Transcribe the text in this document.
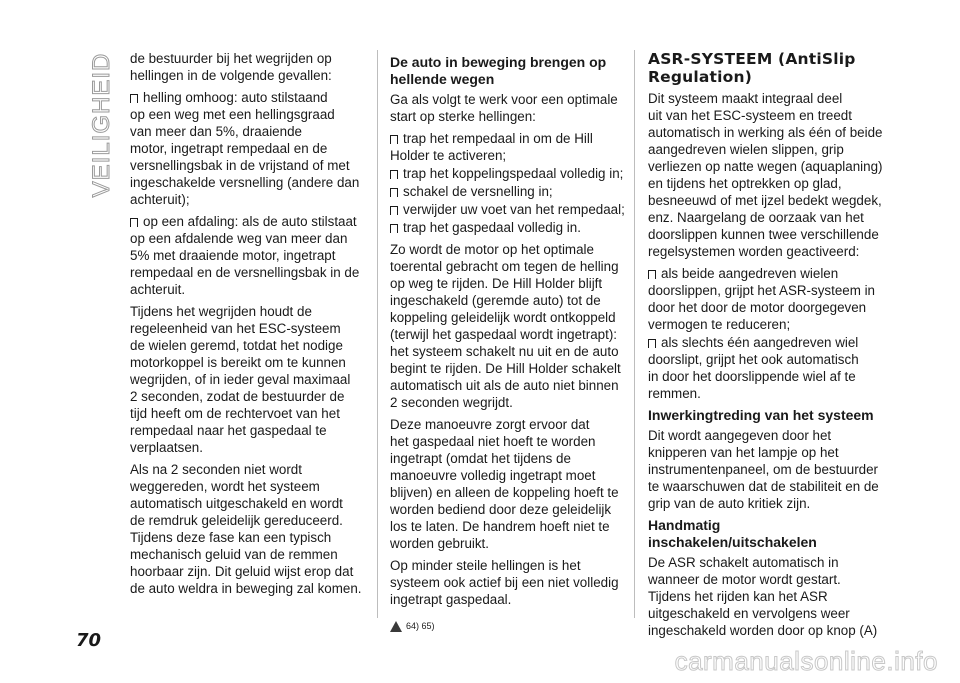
VEILIGHEID
70

de bestuurder bij het wegrijden op
hellingen in de volgende gevallen:

helling omhoog: auto stilstaand
op een weg met een hellingsgraad
van meer dan 5%, draaiende
motor, ingetrapt rempedaal en de
versnellingsbak in de vrijstand of met
ingeschakelde versnelling (andere dan
achteruit);

op een afdaling: als de auto stilstaat
op een afdalende weg van meer dan
5% met draaiende motor, ingetrapt
rempedaal en de versnellingsbak in de
achteruit.

Tijdens het wegrijden houdt de
regeleenheid van het ESC-systeem
de wielen geremd, totdat het nodige
motorkoppel is bereikt om te kunnen
wegrijden, of in ieder geval maximaal
2 seconden, zodat de bestuurder de
tijd heeft om de rechtervoet van het
rempedaal naar het gaspedaal te
verplaatsen.

Als na 2 seconden niet wordt
weggereden, wordt het systeem
automatisch uitgeschakeld en wordt
de remdruk geleidelijk gereduceerd.
Tijdens deze fase kan een typisch
mechanisch geluid van de remmen
hoorbaar zijn. Dit geluid wijst erop dat
de auto weldra in beweging zal komen.

De auto in beweging brengen op
hellende wegen

Ga als volgt te werk voor een optimale
start op sterke hellingen:

trap het rempedaal in om de Hill
Holder te activeren;

trap het koppelingspedaal volledig in;

schakel de versnelling in;

verwijder uw voet van het rempedaal;

trap het gaspedaal volledig in.

Zo wordt de motor op het optimale
toerental gebracht om tegen de helling
op weg te rijden. De Hill Holder blijft
ingeschakeld (geremde auto) tot de
koppeling geleidelijk wordt ontkoppeld
(terwijl het gaspedaal wordt ingetrapt):
het systeem schakelt nu uit en de auto
begint te rijden. De Hill Holder schakelt
automatisch uit als de auto niet binnen
2 seconden wegrijdt.

Deze manoeuvre zorgt ervoor dat
het gaspedaal niet hoeft te worden
ingetrapt (omdat het tijdens de
manoeuvre volledig ingetrapt moet
blijven) en alleen de koppeling hoeft te
worden bediend door deze geleidelijk
los te laten. De handrem hoeft niet te
worden gebruikt.

Op minder steile hellingen is het
systeem ook actief bij een niet volledig
ingetrapt gaspedaal.

64) 65)
ASR-SYSTEEM (AntiSlip
Regulation)

Dit systeem maakt integraal deel
uit van het ESC-systeem en treedt
automatisch in werking als één of beide
aangedreven wielen slippen, grip
verliezen op natte wegen (aquaplaning)
en tijdens het optrekken op glad,
besneeuwd of met ijzel bedekt wegdek,
enz. Naargelang de oorzaak van het
doorslippen kunnen twee verschillende
regelsystemen worden geactiveerd:

als beide aangedreven wielen
doorslippen, grijpt het ASR-systeem in
door het door de motor doorgegeven
vermogen te reduceren;

als slechts één aangedreven wiel
doorslipt, grijpt het ook automatisch
in door het doorslippende wiel af te
remmen.

Inwerkingtreding van het systeem

Dit wordt aangegeven door het
knipperen van het lampje op het
instrumentenpaneel, om de bestuurder
te waarschuwen dat de stabiliteit en de
grip van de auto kritiek zijn.

Handmatig
inschakelen/uitschakelen

De ASR schakelt automatisch in
wanneer de motor wordt gestart.
Tijdens het rijden kan het ASR
uitgeschakeld en vervolgens weer
ingeschakeld worden door op knop (A)

carmanualsonline.info
